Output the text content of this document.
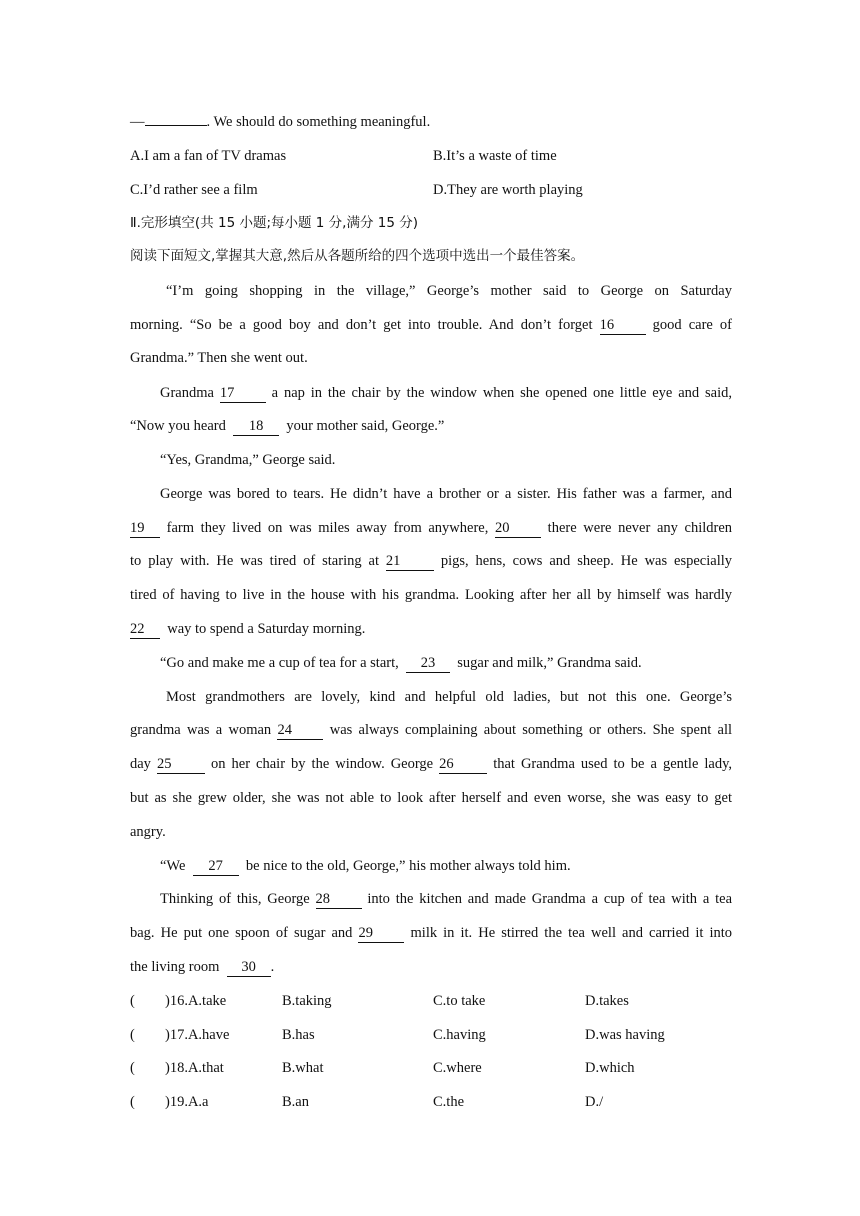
—	. We should do something meaningful.
A.I am a fan of TV dramas	B.It’s a waste of time
C.I’d rather see a film	D.They are worth playing
Ⅱ.完形填空(共 15 小题;每小题 1 分,满分 15 分)
阅读下面短文,掌握其大意,然后从各题所给的四个选项中选出一个最佳答案。
“I’m going shopping in the village,” George’s mother said to George on Saturday
morning. “So be a good boy and don’t get into trouble. And don’t forget 16	good care of
Grandma.” Then she went out.
Grandma 17	a nap in the chair by the window when she opened one little eye and said,
“Now you heard 18 your mother said, George.”
“Yes, Grandma,” George said.
George was bored to tears. He didn’t have a brother or a sister. His father was a farmer, and
19 farm they lived on was miles away from anywhere, 20	there were never any children
to play with. He was tired of staring at 21	pigs, hens, cows and sheep. He was especially
tired of having to live in the house with his grandma. Looking after her all by himself was hardly
22 way to spend a Saturday morning.
“Go and make me a cup of tea for a start, 23 sugar and milk,” Grandma said.
Most grandmothers are lovely, kind and helpful old ladies, but not this one. George’s
grandma was a woman 24	was always complaining about something or others. She spent all
day 25	on her chair by the window. George 26	that Grandma used to be a gentle lady,
but as she grew older, she was not able to look after herself and even worse, she was easy to get
angry.
“We 27 be nice to the old, George,” his mother always told him.
Thinking of this, George 28	into the kitchen and made Grandma a cup of tea with a tea
bag. He put one spoon of sugar and 29	milk in it. He stirred the tea well and carried it into
the living room 30 .
( )16.A.take	B.taking	C.to take	D.takes
( )17.A.have	B.has	C.having	D.was having
( )18.A.that	B.what	C.where	D.which
( )19.A.a	B.an	C.the	D./
